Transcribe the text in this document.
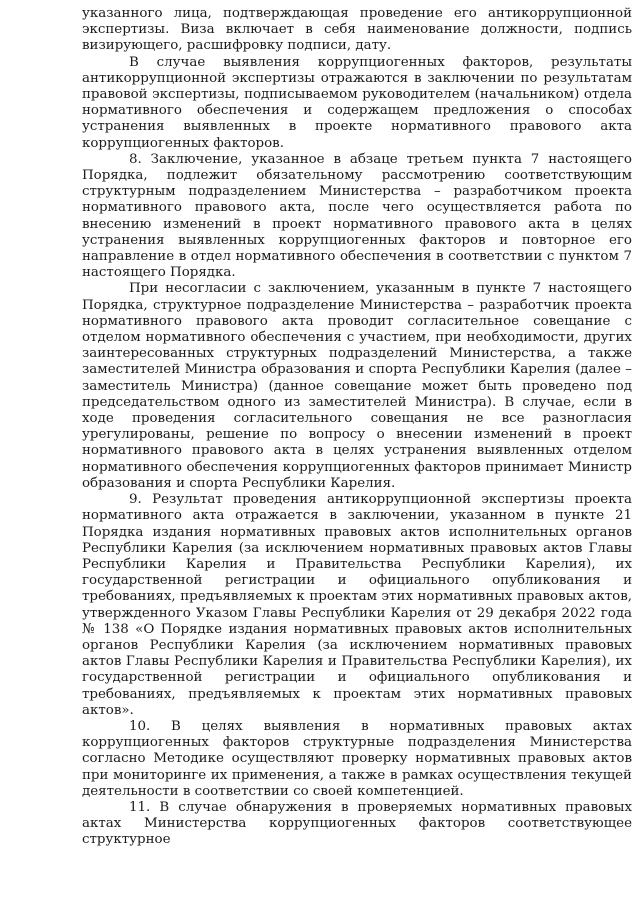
указанного лица, подтверждающая проведение его антикоррупционной экспертизы. Виза включает в себя наименование должности, подпись визирующего, расшифровку подписи, дату.

В случае выявления коррупциогенных факторов, результаты антикоррупционной экспертизы отражаются в заключении по результатам правовой экспертизы, подписываемом руководителем (начальником) отдела нормативного обеспечения и содержащем предложения о способах устранения выявленных в проекте нормативного правового акта коррупциогенных факторов.

8. Заключение, указанное в абзаце третьем пункта 7 настоящего Порядка, подлежит обязательному рассмотрению соответствующим структурным подразделением Министерства – разработчиком проекта нормативного правового акта, после чего осуществляется работа по внесению изменений в проект нормативного правового акта в целях устранения выявленных коррупциогенных факторов и повторное его направление в отдел нормативного обеспечения в соответствии с пунктом 7 настоящего Порядка.

При несогласии с заключением, указанным в пункте 7 настоящего Порядка, структурное подразделение Министерства – разработчик проекта нормативного правового акта проводит согласительное совещание с отделом нормативного обеспечения с участием, при необходимости, других заинтересованных структурных подразделений Министерства, а также заместителей Министра образования и спорта Республики Карелия (далее – заместитель Министра) (данное совещание может быть проведено под председательством одного из заместителей Министра). В случае, если в ходе проведения согласительного совещания не все разногласия урегулированы, решение по вопросу о внесении изменений в проект нормативного правового акта в целях устранения выявленных отделом нормативного обеспечения коррупциогенных факторов принимает Министр образования и спорта Республики Карелия.

9. Результат проведения антикоррупционной экспертизы проекта нормативного акта отражается в заключении, указанном в пункте 21 Порядка издания нормативных правовых актов исполнительных органов Республики Карелия (за исключением нормативных правовых актов Главы Республики Карелия и Правительства Республики Карелия), их государственной регистрации и официального опубликования и требованиях, предъявляемых к проектам этих нормативных правовых актов, утвержденного Указом Главы Республики Карелия от 29 декабря 2022 года № 138 «О Порядке издания нормативных правовых актов исполнительных органов Республики Карелия (за исключением нормативных правовых актов Главы Республики Карелия и Правительства Республики Карелия), их государственной регистрации и официального опубликования и требованиях, предъявляемых к проектам этих нормативных правовых актов».

10. В целях выявления в нормативных правовых актах коррупциогенных факторов структурные подразделения Министерства согласно Методике осуществляют проверку нормативных правовых актов при мониторинге их применения, а также в рамках осуществления текущей деятельности в соответствии со своей компетенцией.

11. В случае обнаружения в проверяемых нормативных правовых актах Министерства коррупциогенных факторов соответствующее структурное
